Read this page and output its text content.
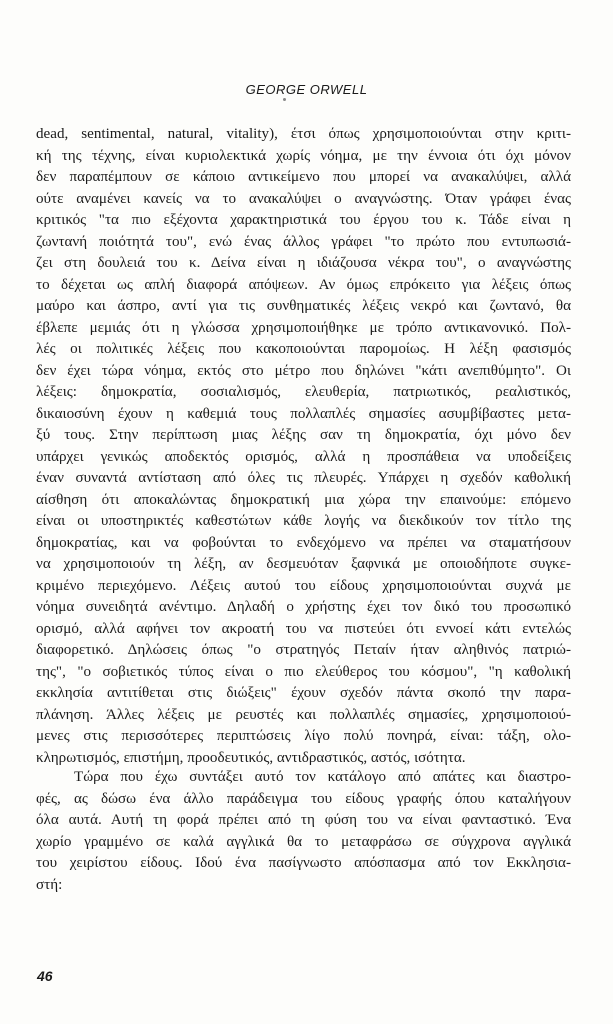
GEORGE ORWELL
dead, sentimental, natural, vitality), έτσι όπως χρησιμοποιούνται στην κριτι-
κή της τέχνης, είναι κυριολεκτικά χωρίς νόημα, με την έννοια ότι όχι μόνον
δεν παραπέμπουν σε κάποιο αντικείμενο που μπορεί να ανακαλύψει, αλλά
ούτε αναμένει κανείς να το ανακαλύψει ο αναγνώστης. Όταν γράφει ένας
κριτικός "τα πιο εξέχοντα χαρακτηριστικά του έργου του κ. Τάδε είναι η
ζωντανή ποιότητά του", ενώ ένας άλλος γράφει "το πρώτο που εντυπωσιά-
ζει στη δουλειά του κ. Δείνα είναι η ιδιάζουσα νέκρα του", ο αναγνώστης
το δέχεται ως απλή διαφορά απόψεων. Αν όμως επρόκειτο για λέξεις όπως
μαύρο και άσπρο, αντί για τις συνθηματικές λέξεις νεκρό και ζωντανό, θα
έβλεπε μεμιάς ότι η γλώσσα χρησιμοποιήθηκε με τρόπο αντικανονικό. Πολ-
λές οι πολιτικές λέξεις που κακοποιούνται παρομοίως. Η λέξη φασισμός
δεν έχει τώρα νόημα, εκτός στο μέτρο που δηλώνει "κάτι ανεπιθύμητο". Οι
λέξεις: δημοκρατία, σοσιαλισμός, ελευθερία, πατριωτικός, ρεαλιστικός,
δικαιοσύνη έχουν η καθεμιά τους πολλαπλές σημασίες ασυμβίβαστες μετα-
ξύ τους. Στην περίπτωση μιας λέξης σαν τη δημοκρατία, όχι μόνο δεν
υπάρχει γενικώς αποδεκτός ορισμός, αλλά η προσπάθεια να υποδείξεις
έναν συναντά αντίσταση από όλες τις πλευρές. Υπάρχει η σχεδόν καθολική
αίσθηση ότι αποκαλώντας δημοκρατική μια χώρα την επαινούμε: επόμενο
είναι οι υποστηρικτές καθεστώτων κάθε λογής να διεκδικούν τον τίτλο της
δημοκρατίας, και να φοβούνται το ενδεχόμενο να πρέπει να σταματήσουν
να χρησιμοποιούν τη λέξη, αν δεσμευόταν ξαφνικά με οποιοδήποτε συγκε-
κριμένο περιεχόμενο. Λέξεις αυτού του είδους χρησιμοποιούνται συχνά με
νόημα συνειδητά ανέντιμο. Δηλαδή ο χρήστης έχει τον δικό του προσωπικό
ορισμό, αλλά αφήνει τον ακροατή του να πιστεύει ότι εννοεί κάτι εντελώς
διαφορετικό. Δηλώσεις όπως "ο στρατηγός Πεταίν ήταν αληθινός πατριώ-
της", "ο σοβιετικός τύπος είναι ο πιο ελεύθερος του κόσμου", "η καθολική
εκκλησία αντιτίθεται στις διώξεις" έχουν σχεδόν πάντα σκοπό την παρα-
πλάνηση. Άλλες λέξεις με ρευστές και πολλαπλές σημασίες, χρησιμοποιού-
μενες στις περισσότερες περιπτώσεις λίγο πολύ πονηρά, είναι: τάξη, ολο-
κληρωτισμός, επιστήμη, προοδευτικός, αντιδραστικός, αστός, ισότητα.
Τώρα που έχω συντάξει αυτό τον κατάλογο από απάτες και διαστρο-
φές, ας δώσω ένα άλλο παράδειγμα του είδους γραφής όπου καταλήγουν
όλα αυτά. Αυτή τη φορά πρέπει από τη φύση του να είναι φανταστικό. Ένα
χωρίο γραμμένο σε καλά αγγλικά θα το μεταφράσω σε σύγχρονα αγγλικά
του χειρίστου είδους. Ιδού ένα πασίγνωστο απόσπασμα από τον Εκκλησια-
στή:
46
